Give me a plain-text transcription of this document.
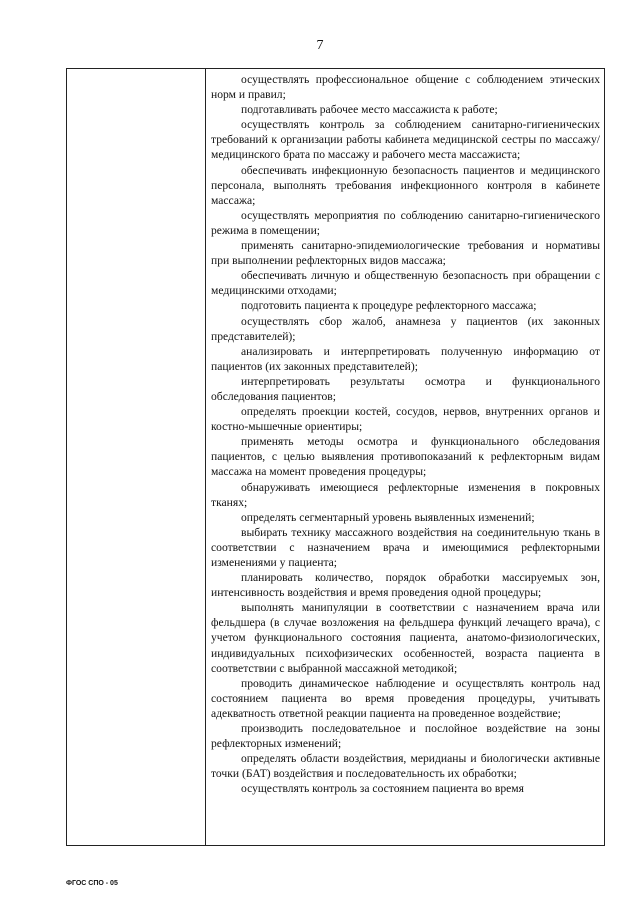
7

осуществлять профессиональное общение с соблюдением этических норм и правил;

подготавливать рабочее место массажиста к работе;

осуществлять контроль за соблюдением санитарно-гигиенических требований к организации работы кабинета медицинской сестры по массажу/медицинского брата по массажу и рабочего места массажиста;

обеспечивать инфекционную безопасность пациентов и медицинского персонала, выполнять требования инфекционного контроля в кабинете массажа;

осуществлять мероприятия по соблюдению санитарно-гигиенического режима в помещении;

применять санитарно-эпидемиологические требования и нормативы при выполнении рефлекторных видов массажа;

обеспечивать личную и общественную безопасность при обращении с медицинскими отходами;

подготовить пациента к процедуре рефлекторного массажа;

осуществлять сбор жалоб, анамнеза у пациентов (их законных представителей);

анализировать и интерпретировать полученную информацию от пациентов (их законных представителей);

интерпретировать результаты осмотра и функционального обследования пациентов;

определять проекции костей, сосудов, нервов, внутренних органов и костно-мышечные ориентиры;

применять методы осмотра и функционального обследования пациентов, с целью выявления противопоказаний к рефлекторным видам массажа на момент проведения процедуры;

обнаруживать имеющиеся рефлекторные изменения в покровных тканях;

определять сегментарный уровень выявленных изменений;

выбирать технику массажного воздействия на соединительную ткань в соответствии с назначением врача и имеющимися рефлекторными изменениями у пациента;

планировать количество, порядок обработки массируемых зон, интенсивность воздействия и время проведения одной процедуры;

выполнять манипуляции в соответствии с назначением врача или фельдшера (в случае возложения на фельдшера функций лечащего врача), с учетом функционального состояния пациента, анатомо-физиологических, индивидуальных психофизических особенностей, возраста пациента в соответствии с выбранной массажной методикой;

проводить динамическое наблюдение и осуществлять контроль над состоянием пациента во время проведения процедуры, учитывать адекватность ответной реакции пациента на проведенное воздействие;

производить последовательное и послойное воздействие на зоны рефлекторных изменений;

определять области воздействия, меридианы и биологически активные точки (БАТ) воздействия и последовательность их обработки;

осуществлять контроль за состоянием пациента во время

ФГОС СПО - 05
